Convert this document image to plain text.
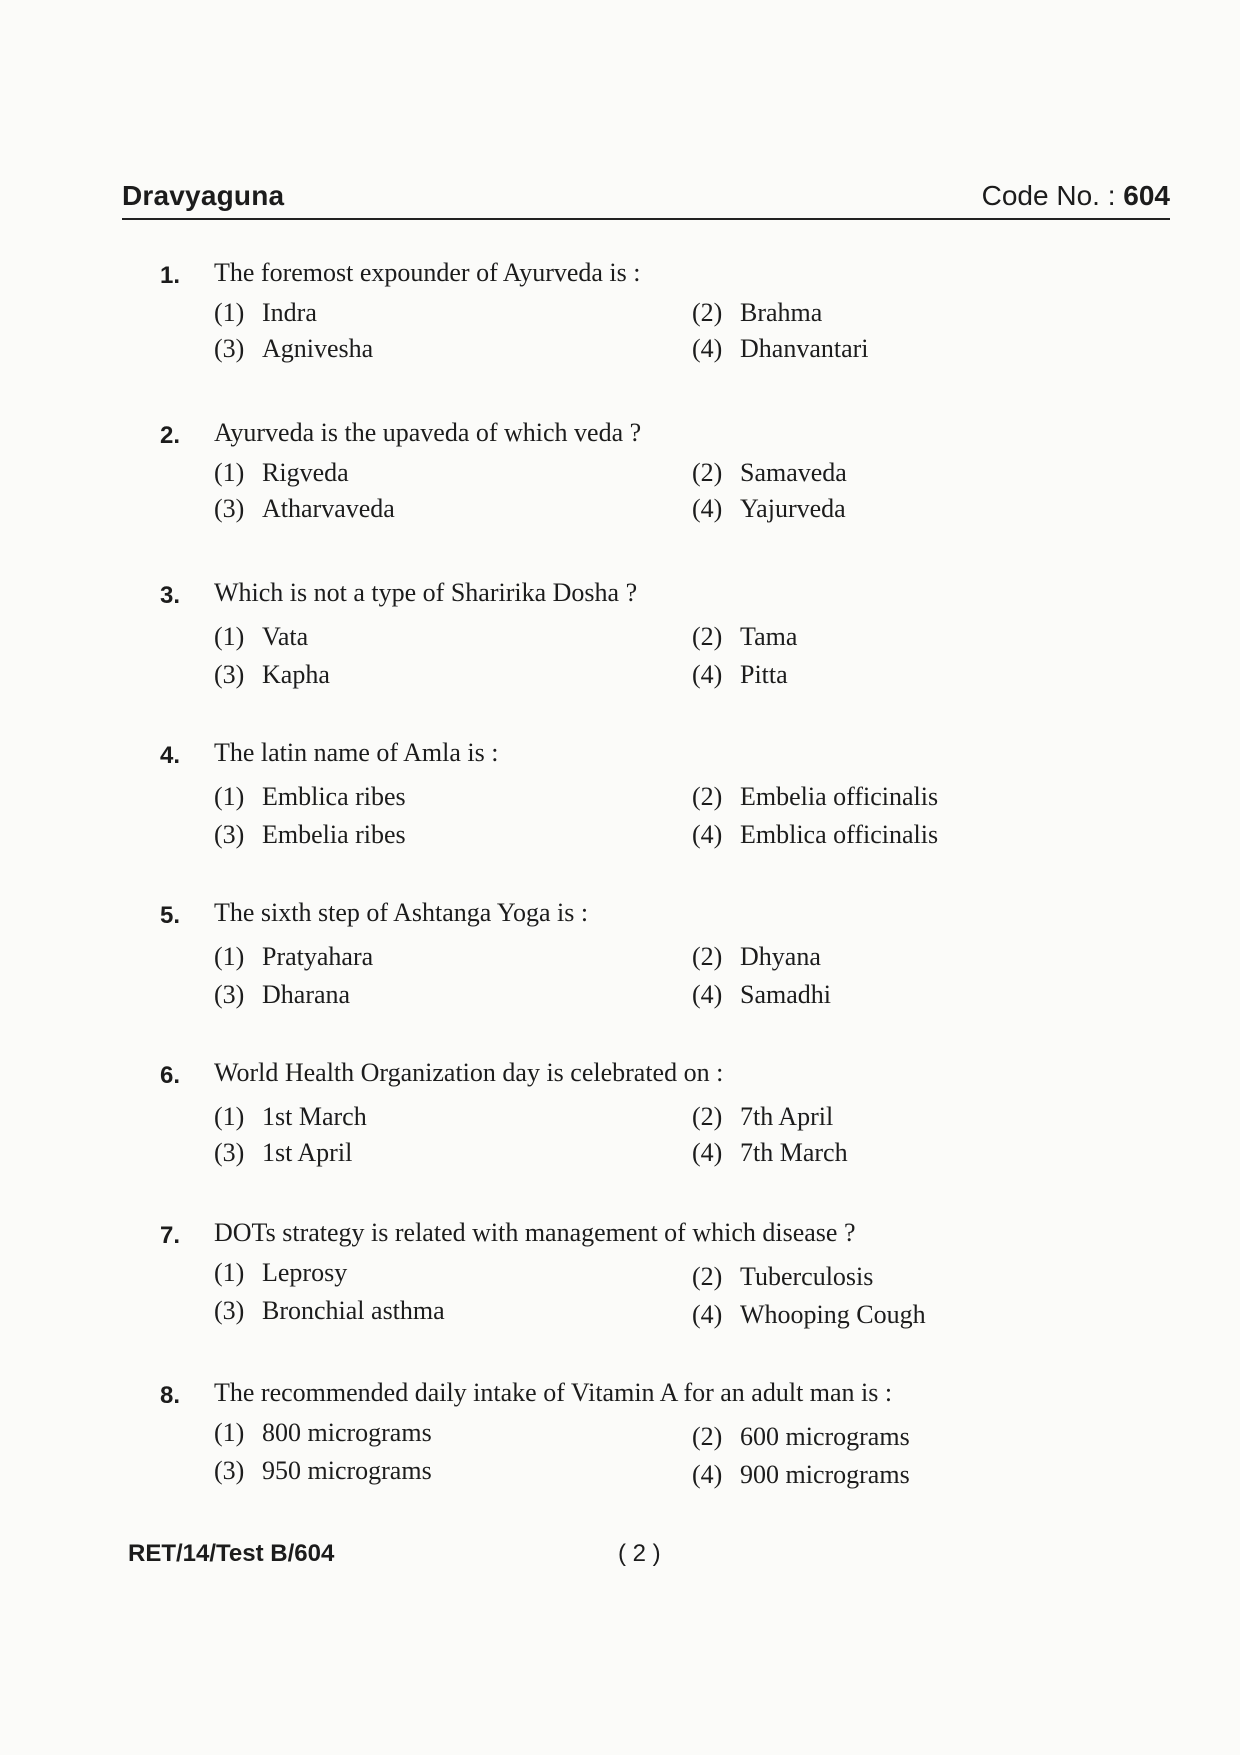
Dravyaguna	Code No. : 604
1. The foremost expounder of Ayurveda is :
(1) Indra	(2) Brahma
(3) Agnivesha	(4) Dhanvantari
2. Ayurveda is the upaveda of which veda ?
(1) Rigveda	(2) Samaveda
(3) Atharvaveda	(4) Yajurveda
3. Which is not a type of Sharirika Dosha ?
(1) Vata	(2) Tama
(3) Kapha	(4) Pitta
4. The latin name of Amla is :
(1) Emblica ribes	(2) Embelia officinalis
(3) Embelia ribes	(4) Emblica officinalis
5. The sixth step of Ashtanga Yoga is :
(1) Pratyahara	(2) Dhyana
(3) Dharana	(4) Samadhi
6. World Health Organization day is celebrated on :
(1) 1st March	(2) 7th April
(3) 1st April	(4) 7th March
7. DOTs strategy is related with management of which disease ?
(1) Leprosy	(2) Tuberculosis
(3) Bronchial asthma	(4) Whooping Cough
8. The recommended daily intake of Vitamin A for an adult man is :
(1) 800 micrograms	(2) 600 micrograms
(3) 950 micrograms	(4) 900 micrograms
RET/14/Test B/604	( 2 )
